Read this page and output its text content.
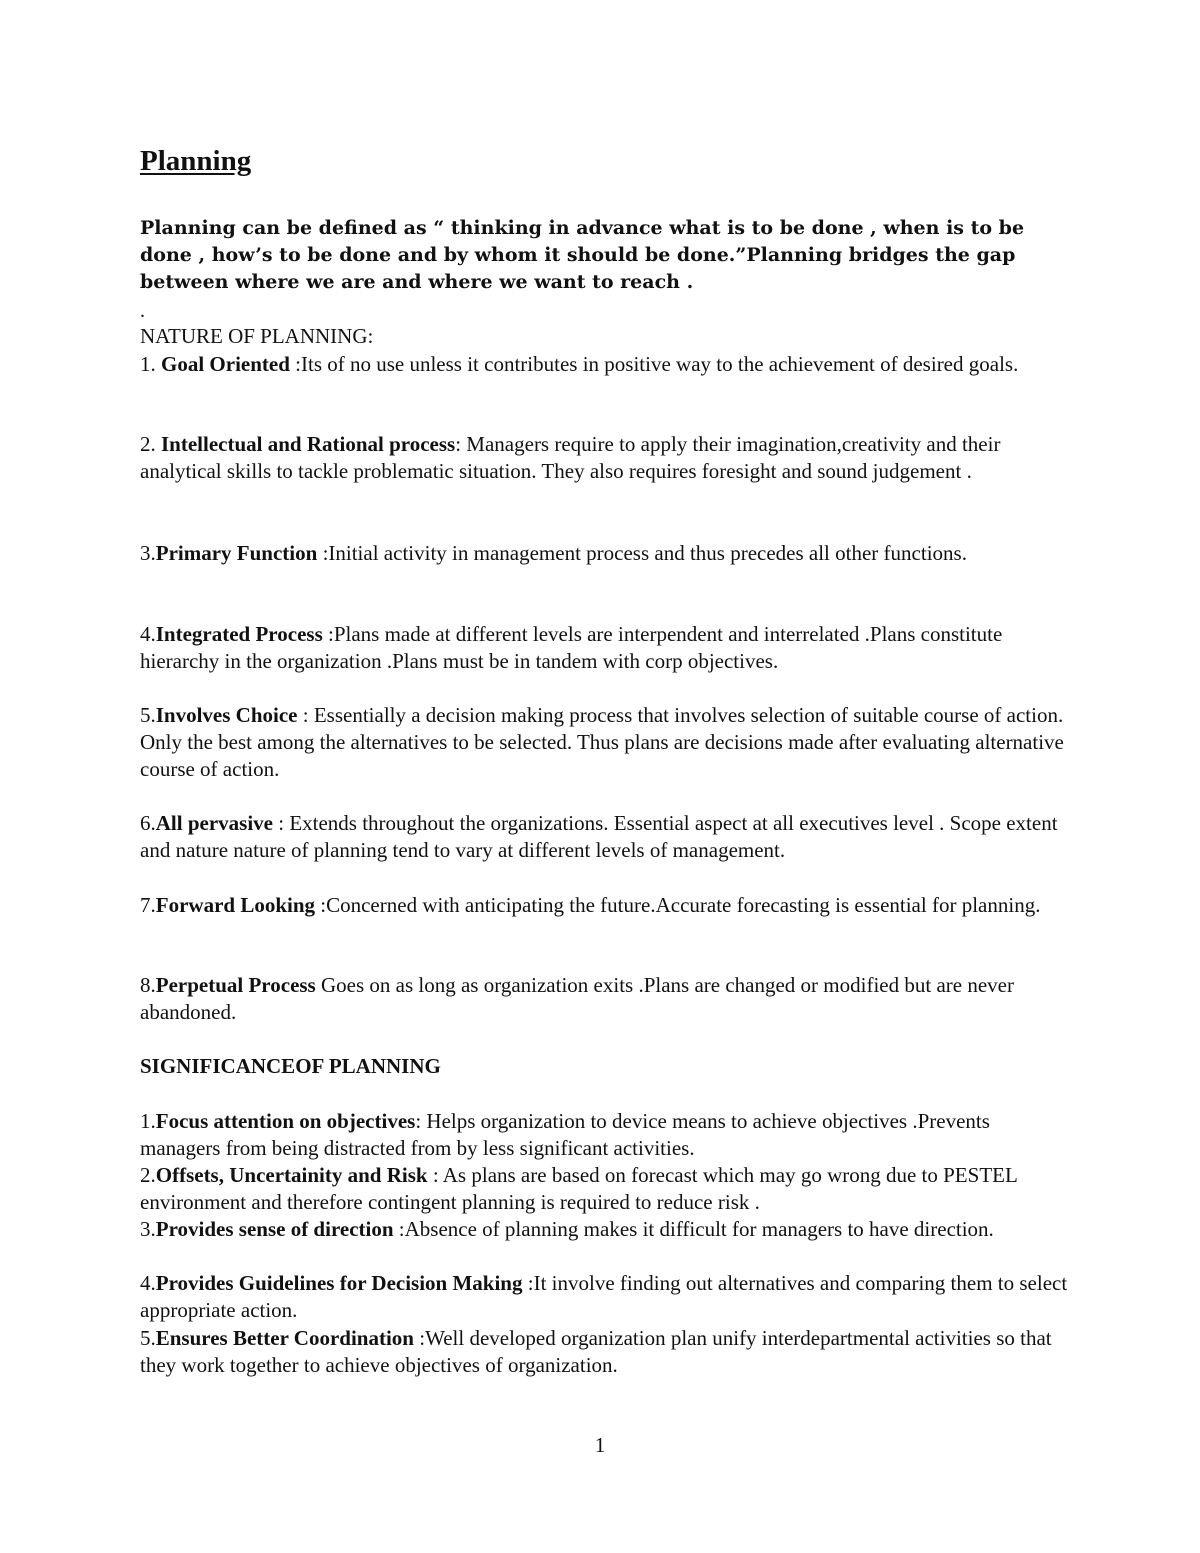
Planning

Planning can be defined as “ thinking in advance what is to be done , when is to be done , how’s to be done and by whom it should be done.”Planning bridges the gap between where we are and where we want to reach .

.

NATURE OF PLANNING:

1. Goal Oriented :Its of no use unless it contributes in positive way to the achievement of desired goals.

2. Intellectual and Rational process: Managers require to apply their imagination,creativity and their analytical skills to tackle problematic situation. They also requires foresight and sound judgement .

3.Primary Function :Initial activity in management process and thus precedes all other functions.

4.Integrated Process :Plans made at different levels are interpendent and interrelated .Plans constitute hierarchy in the organization .Plans must be in tandem with corp objectives.

5.Involves Choice : Essentially a decision making process that involves selection of suitable course of action. Only the best among the alternatives to be selected. Thus plans are decisions made after evaluating alternative course of action.

6.All pervasive : Extends throughout the organizations. Essential aspect at all executives level . Scope extent and nature nature of planning tend to vary at different levels of management.

7.Forward Looking :Concerned with anticipating the future.Accurate forecasting is essential for planning.

8.Perpetual Process Goes on as long as organization exits .Plans are changed or modified but are never abandoned.

SIGNIFICANCEOF PLANNING

1.Focus attention on objectives: Helps organization to device means to achieve objectives .Prevents managers from being distracted from by less significant activities.

2.Offsets, Uncertainity and Risk : As plans are based on forecast which may go wrong due to PESTEL environment and therefore contingent planning is required to reduce risk .

3.Provides sense of direction :Absence of planning makes it difficult for managers to have direction.

4.Provides Guidelines for Decision Making :It involve finding out alternatives and comparing them to select appropriate action.

5.Ensures Better Coordination :Well developed organization plan unify interdepartmental activities so that they work together to achieve objectives of organization.

1
